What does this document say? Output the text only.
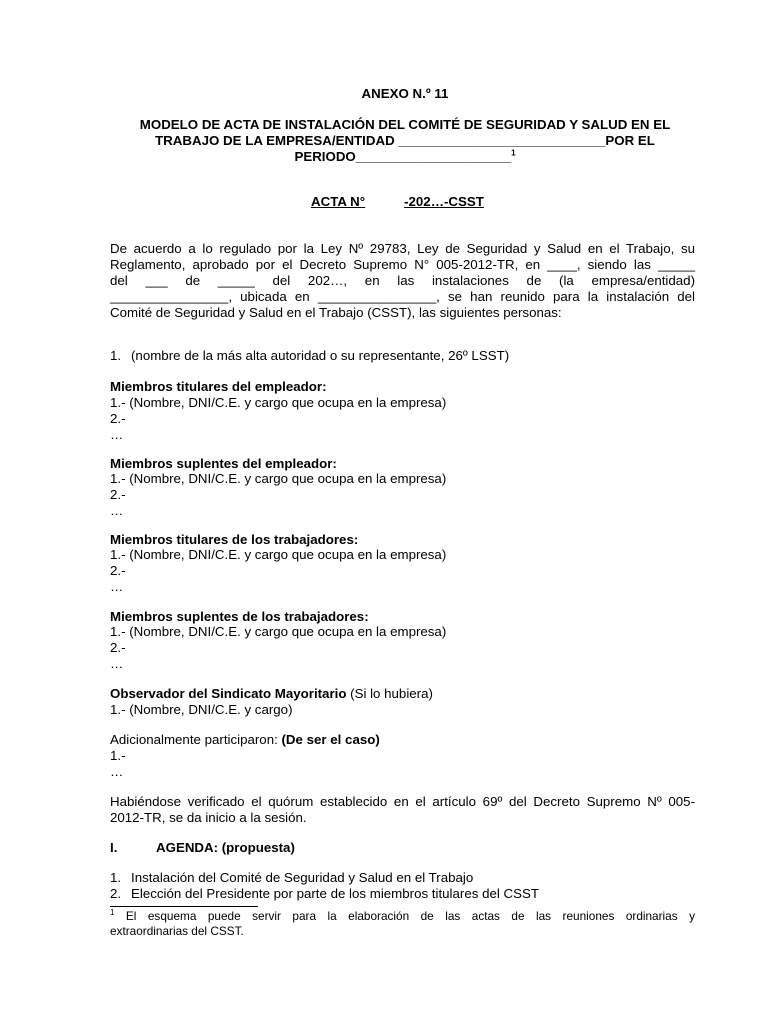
ANEXO N.º 11
MODELO DE ACTA DE INSTALACIÓN DEL COMITÉ DE SEGURIDAD Y SALUD EN EL
TRABAJO DE LA EMPRESA/ENTIDAD ____________________________POR EL
PERIODO_____________________$^1$
ACTA N°	-202…-CSST
De acuerdo a lo regulado por la Ley Nº 29783, Ley de Seguridad y Salud en el Trabajo, su
Reglamento, aprobado por el Decreto Supremo N° 005-2012-TR, en ____, siendo las _____
del ___ de _____ del 202…, en las instalaciones de (la empresa/entidad)
________________, ubicada en ________________, se han reunido para la instalación del
Comité de Seguridad y Salud en el Trabajo (CSST), las siguientes personas:
1. (nombre de la más alta autoridad o su representante, 26º LSST)
Miembros titulares del empleador:
1.- (Nombre, DNI/C.E. y cargo que ocupa en la empresa)
2.-
…
Miembros suplentes del empleador:
1.- (Nombre, DNI/C.E. y cargo que ocupa en la empresa)
2.-
…
Miembros titulares de los trabajadores:
1.- (Nombre, DNI/C.E. y cargo que ocupa en la empresa)
2.-
…
Miembros suplentes de los trabajadores:
1.- (Nombre, DNI/C.E. y cargo que ocupa en la empresa)
2.-
…
Observador del Sindicato Mayoritario (Si lo hubiera)
1.- (Nombre, DNI/C.E. y cargo)
Adicionalmente participaron: (De ser el caso)
1.-
…
Habiéndose verificado el quórum establecido en el artículo 69º del Decreto Supremo Nº 005-
2012-TR, se da inicio a la sesión.
I.	AGENDA: (propuesta)
1. Instalación del Comité de Seguridad y Salud en el Trabajo
2. Elección del Presidente por parte de los miembros titulares del CSST
$^1$ El esquema puede servir para la elaboración de las actas de las reuniones ordinarias y
extraordinarias del CSST.
